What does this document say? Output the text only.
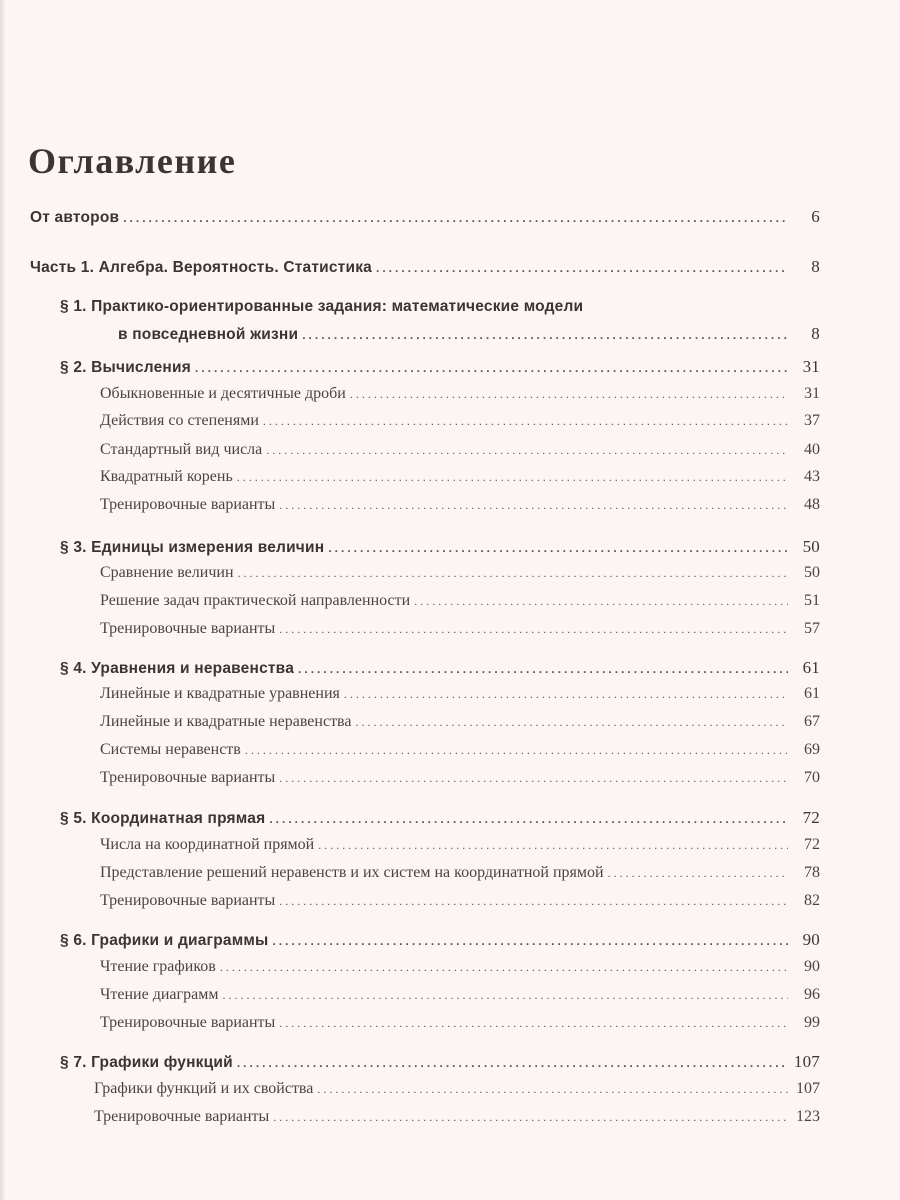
Оглавление
От авторов .....	6
Часть 1. Алгебра. Вероятность. Статистика .....	8
§ 1. Практико-ориентированные задания: математические модели
в повседневной жизни .....	8
§ 2. Вычисления .....	31
Обыкновенные и десятичные дроби .....	31
Действия со степенями .....	37
Стандартный вид числа .....	40
Квадратный корень .....	43
Тренировочные варианты .....	48
§ 3. Единицы измерения величин .....	50
Сравнение величин .....	50
Решение задач практической направленности .....	51
Тренировочные варианты .....	57
§ 4. Уравнения и неравенства .....	61
Линейные и квадратные уравнения .....	61
Линейные и квадратные неравенства .....	67
Системы неравенств .....	69
Тренировочные варианты .....	70
§ 5. Координатная прямая .....	72
Числа на координатной прямой .....	72
Представление решений неравенств и их систем на координатной прямой .....	78
Тренировочные варианты .....	82
§ 6. Графики и диаграммы .....	90
Чтение графиков .....	90
Чтение диаграмм .....	96
Тренировочные варианты .....	99
§ 7. Графики функций .....	107
Графики функций и их свойства .....	107
Тренировочные варианты .....	123
